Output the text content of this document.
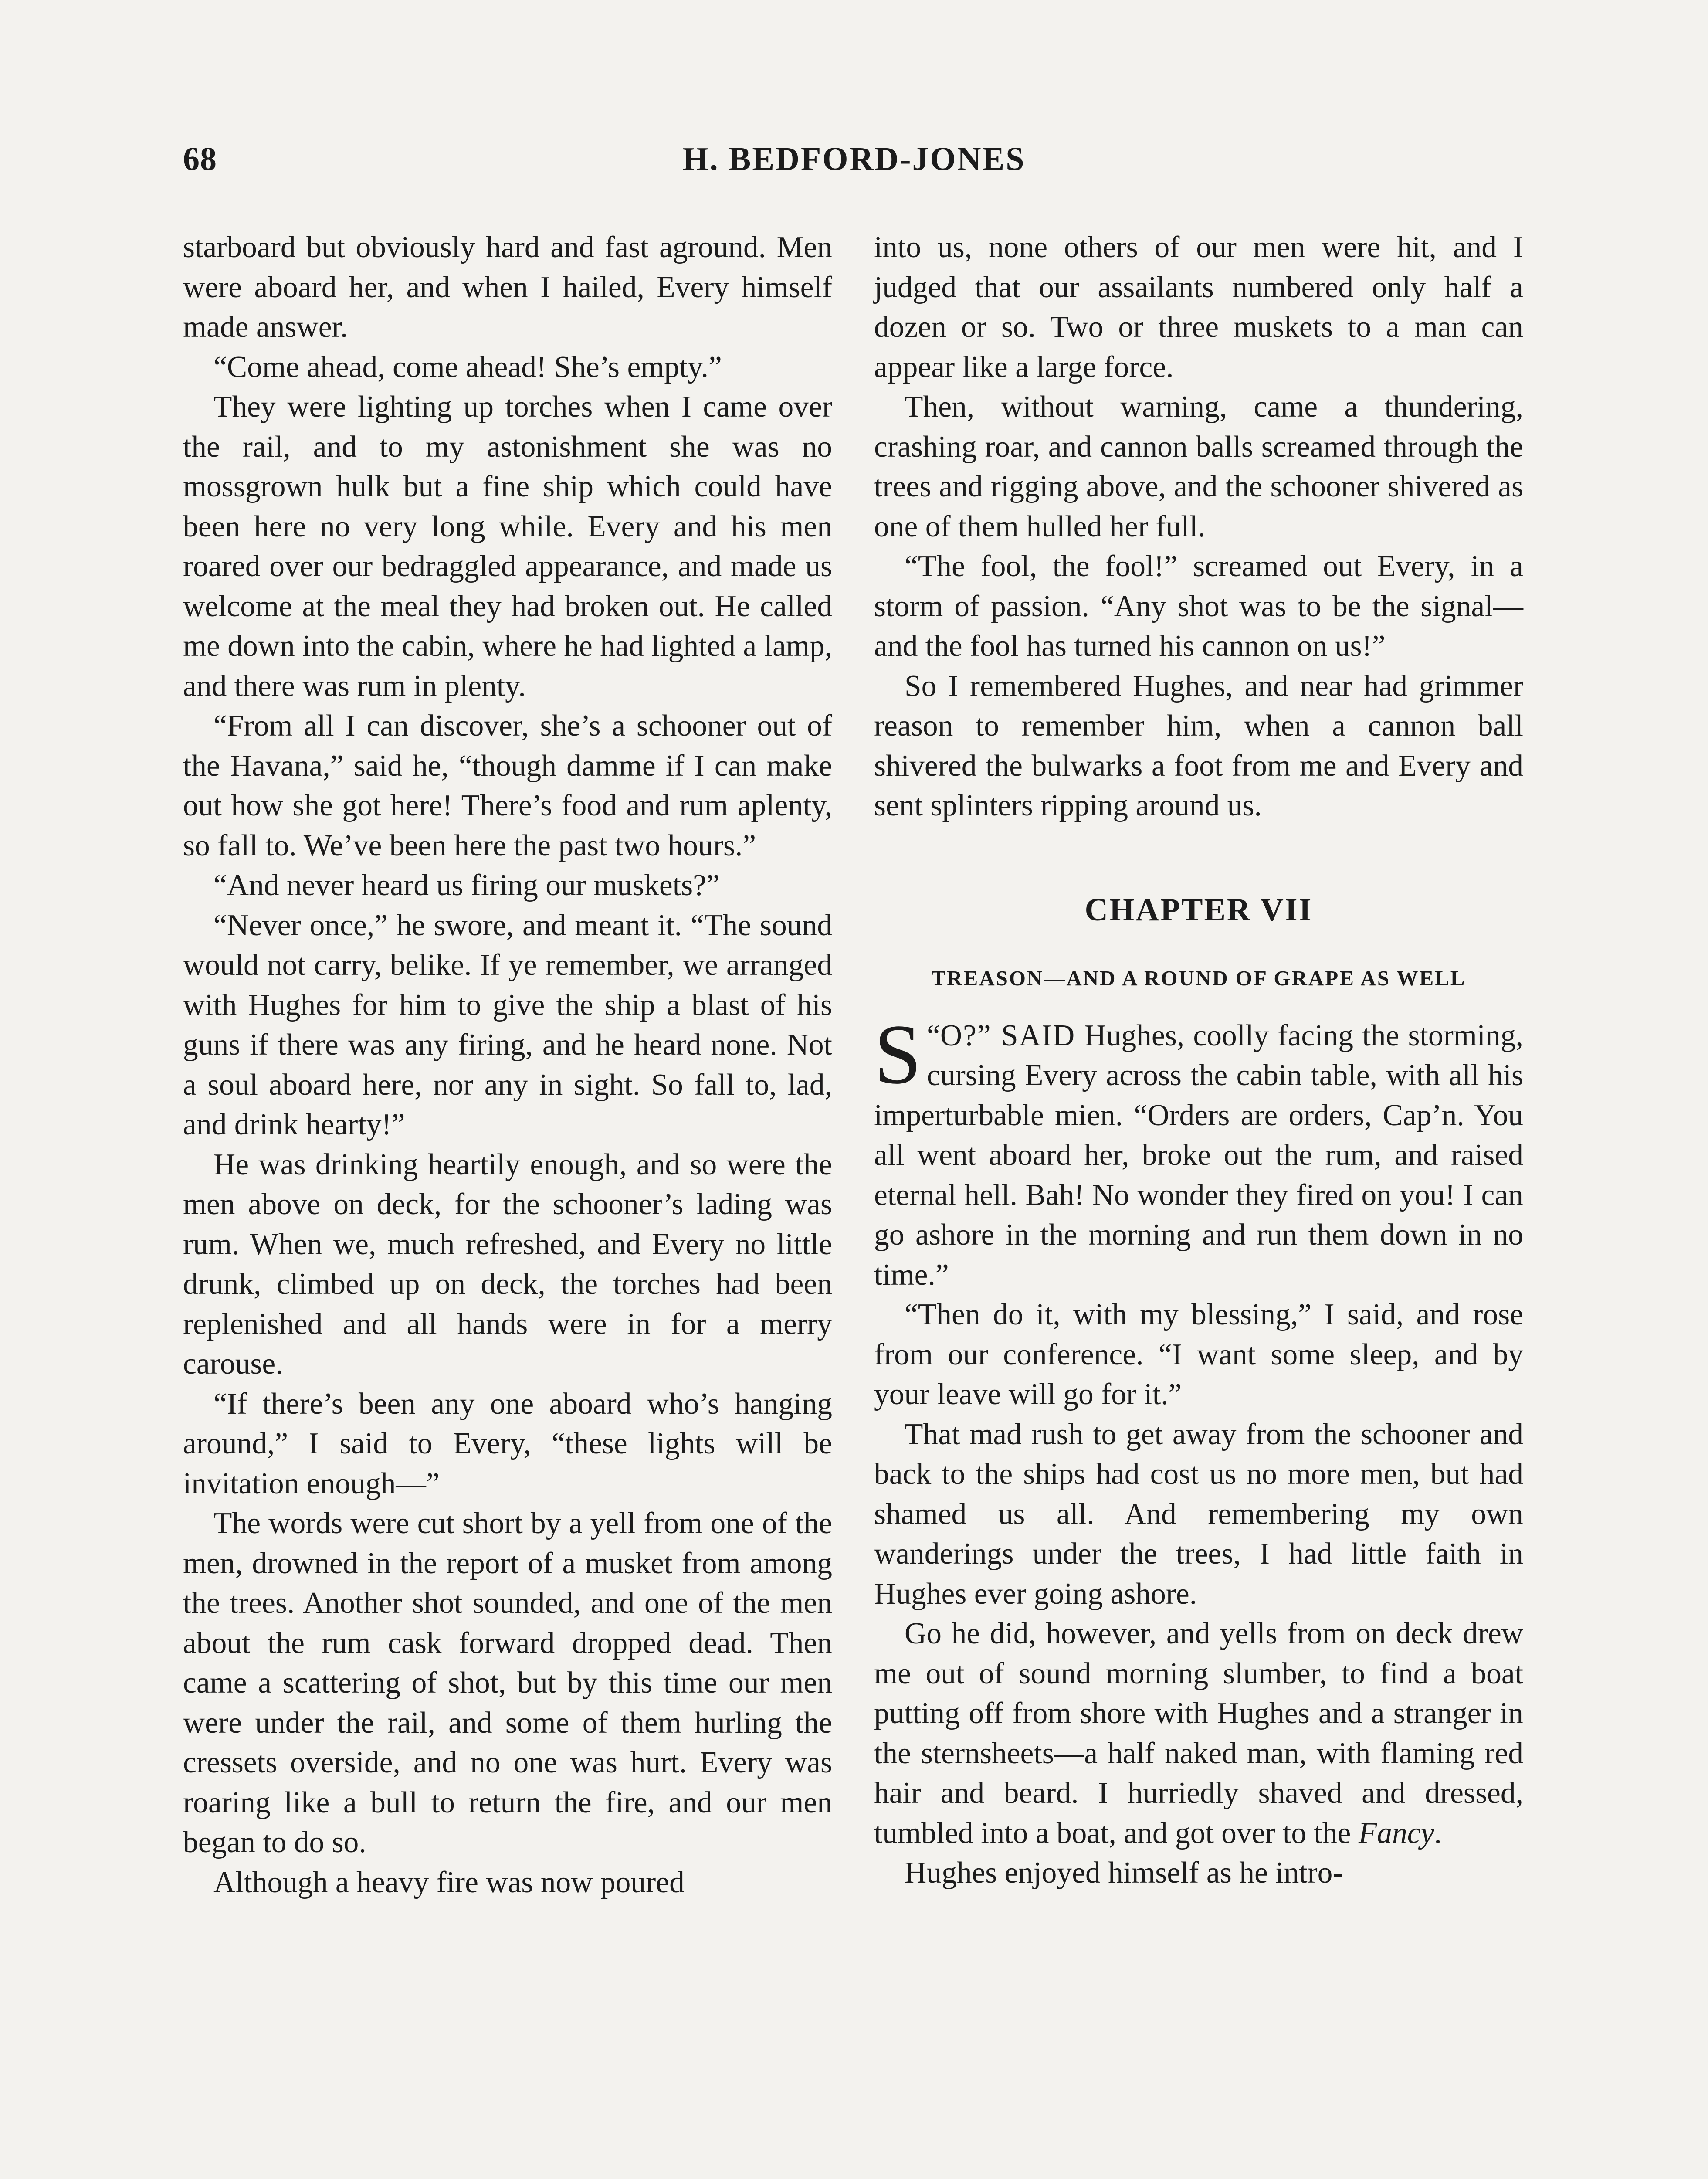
68	H. BEDFORD-JONES

starboard but obviously hard and fast aground. Men were aboard her, and when I hailed, Every himself made answer.

“Come ahead, come ahead! She’s empty.”

They were lighting up torches when I came over the rail, and to my astonishment she was no mossgrown hulk but a fine ship which could have been here no very long while. Every and his men roared over our bedraggled appearance, and made us welcome at the meal they had broken out. He called me down into the cabin, where he had lighted a lamp, and there was rum in plenty.

“From all I can discover, she’s a schooner out of the Havana,” said he, “though damme if I can make out how she got here! There’s food and rum aplenty, so fall to. We’ve been here the past two hours.”

“And never heard us firing our muskets?”

“Never once,” he swore, and meant it. “The sound would not carry, belike. If ye remember, we arranged with Hughes for him to give the ship a blast of his guns if there was any firing, and he heard none. Not a soul aboard here, nor any in sight. So fall to, lad, and drink hearty!”

He was drinking heartily enough, and so were the men above on deck, for the schooner’s lading was rum. When we, much refreshed, and Every no little drunk, climbed up on deck, the torches had been replenished and all hands were in for a merry carouse.

“If there’s been any one aboard who’s hanging around,” I said to Every, “these lights will be invitation enough—”

The words were cut short by a yell from one of the men, drowned in the report of a musket from among the trees. Another shot sounded, and one of the men about the rum cask forward dropped dead. Then came a scattering of shot, but by this time our men were under the rail, and some of them hurling the cressets overside, and no one was hurt. Every was roaring like a bull to return the fire, and our men began to do so.

Although a heavy fire was now poured

into us, none others of our men were hit, and I judged that our assailants numbered only half a dozen or so. Two or three muskets to a man can appear like a large force.

Then, without warning, came a thundering, crashing roar, and cannon balls screamed through the trees and rigging above, and the schooner shivered as one of them hulled her full.

“The fool, the fool!” screamed out Every, in a storm of passion. “Any shot was to be the signal—and the fool has turned his cannon on us!”

So I remembered Hughes, and near had grimmer reason to remember him, when a cannon ball shivered the bulwarks a foot from me and Every and sent splinters ripping around us.

CHAPTER VII
TREASON—AND A ROUND OF GRAPE AS WELL

S “O?” SAID Hughes, coolly facing the storming, cursing Every across the cabin table, with all his imperturbable mien. “Orders are orders, Cap’n. You all went aboard her, broke out the rum, and raised eternal hell. Bah! No wonder they fired on you! I can go ashore in the morning and run them down in no time.”

“Then do it, with my blessing,” I said, and rose from our conference. “I want some sleep, and by your leave will go for it.”

That mad rush to get away from the schooner and back to the ships had cost us no more men, but had shamed us all. And remembering my own wanderings under the trees, I had little faith in Hughes ever going ashore.

Go he did, however, and yells from on deck drew me out of sound morning slumber, to find a boat putting off from shore with Hughes and a stranger in the sternsheets—a half naked man, with flaming red hair and beard. I hurriedly shaved and dressed, tumbled into a boat, and got over to the Fancy.

Hughes enjoyed himself as he intro-
